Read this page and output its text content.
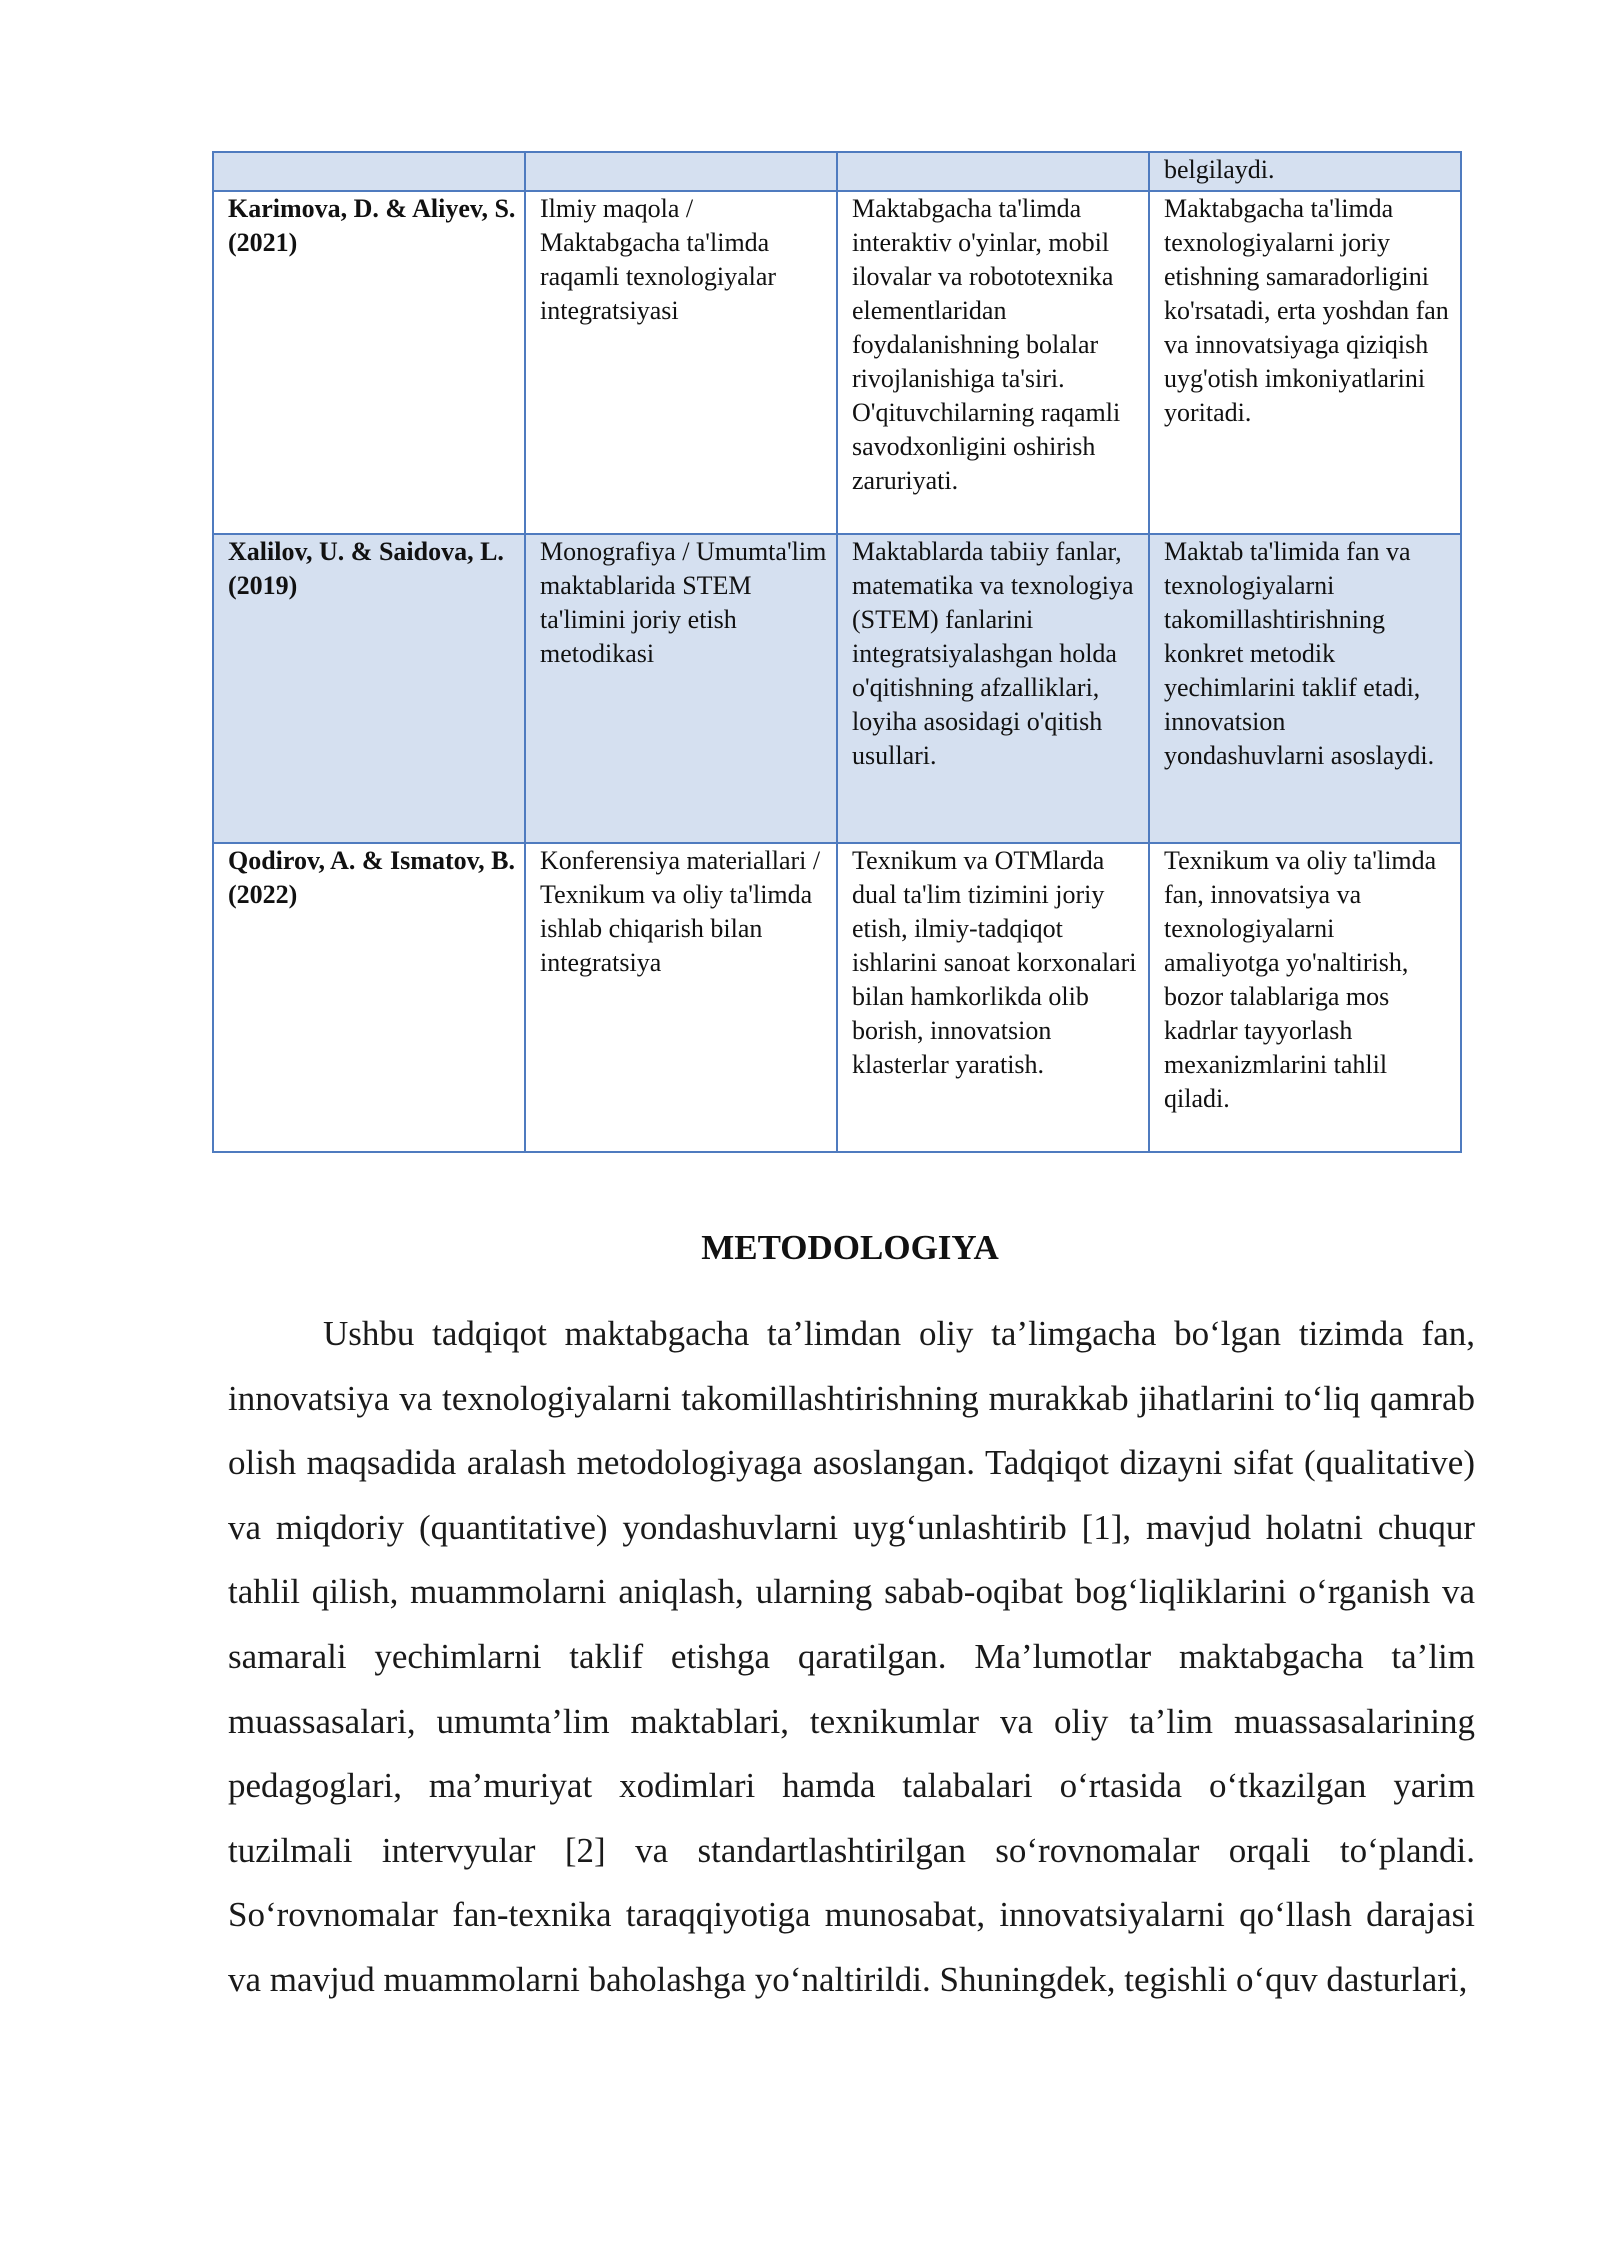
			belgilaydi.
Karimova, D. & Aliyev, S. (2021)	Ilmiy maqola / Maktabgacha ta'limda raqamli texnologiyalar integratsiyasi	Maktabgacha ta'limda interaktiv o'yinlar, mobil ilovalar va robototexnika elementlaridan foydalanishning bolalar rivojlanishiga ta'siri. O'qituvchilarning raqamli savodxonligini oshirish zaruriyati.	Maktabgacha ta'limda texnologiyalarni joriy etishning samaradorligini ko'rsatadi, erta yoshdan fan va innovatsiyaga qiziqish uyg'otish imkoniyatlarini yoritadi.
Xalilov, U. & Saidova, L. (2019)	Monografiya / Umumta'lim maktablarida STEM ta'limini joriy etish metodikasi	Maktablarda tabiiy fanlar, matematika va texnologiya (STEM) fanlarini integratsiyalashgan holda o'qitishning afzalliklari, loyiha asosidagi o'qitish usullari.	Maktab ta'limida fan va texnologiyalarni takomillashtirishning konkret metodik yechimlarini taklif etadi, innovatsion yondashuvlarni asoslaydi.
Qodirov, A. & Ismatov, B. (2022)	Konferensiya materiallari / Texnikum va oliy ta'limda ishlab chiqarish bilan integratsiya	Texnikum va OTMlarda dual ta'lim tizimini joriy etish, ilmiy-tadqiqot ishlarini sanoat korxonalari bilan hamkorlikda olib borish, innovatsion klasterlar yaratish.	Texnikum va oliy ta'limda fan, innovatsiya va texnologiyalarni amaliyotga yo'naltirish, bozor talablariga mos kadrlar tayyorlash mexanizmlarini tahlil qiladi.
METODOLOGIYA

Ushbu tadqiqot maktabgacha ta’limdan oliy ta’limgacha bo‘lgan tizimda fan, innovatsiya va texnologiyalarni takomillashtirishning murakkab jihatlarini to‘liq qamrab olish maqsadida aralash metodologiyaga asoslangan. Tadqiqot dizayni sifat (qualitative) va miqdoriy (quantitative) yondashuvlarni uyg‘unlashtirib [1], mavjud holatni chuqur tahlil qilish, muammolarni aniqlash, ularning sabab-oqibat bog‘liqliklarini o‘rganish va samarali yechimlarni taklif etishga qaratilgan. Ma’lumotlar maktabgacha ta’lim muassasalari, umumta’lim maktablari, texnikumlar va oliy ta’lim muassasalarining pedagoglari, ma’muriyat xodimlari hamda talabalari o‘rtasida o‘tkazilgan yarim tuzilmali intervyular [2] va standartlashtirilgan so‘rovnomalar orqali to‘plandi. So‘rovnomalar fan-texnika taraqqiyotiga munosabat, innovatsiyalarni qo‘llash darajasi va mavjud muammolarni baholashga yo‘naltirildi. Shuningdek, tegishli o‘quv dasturlari,
